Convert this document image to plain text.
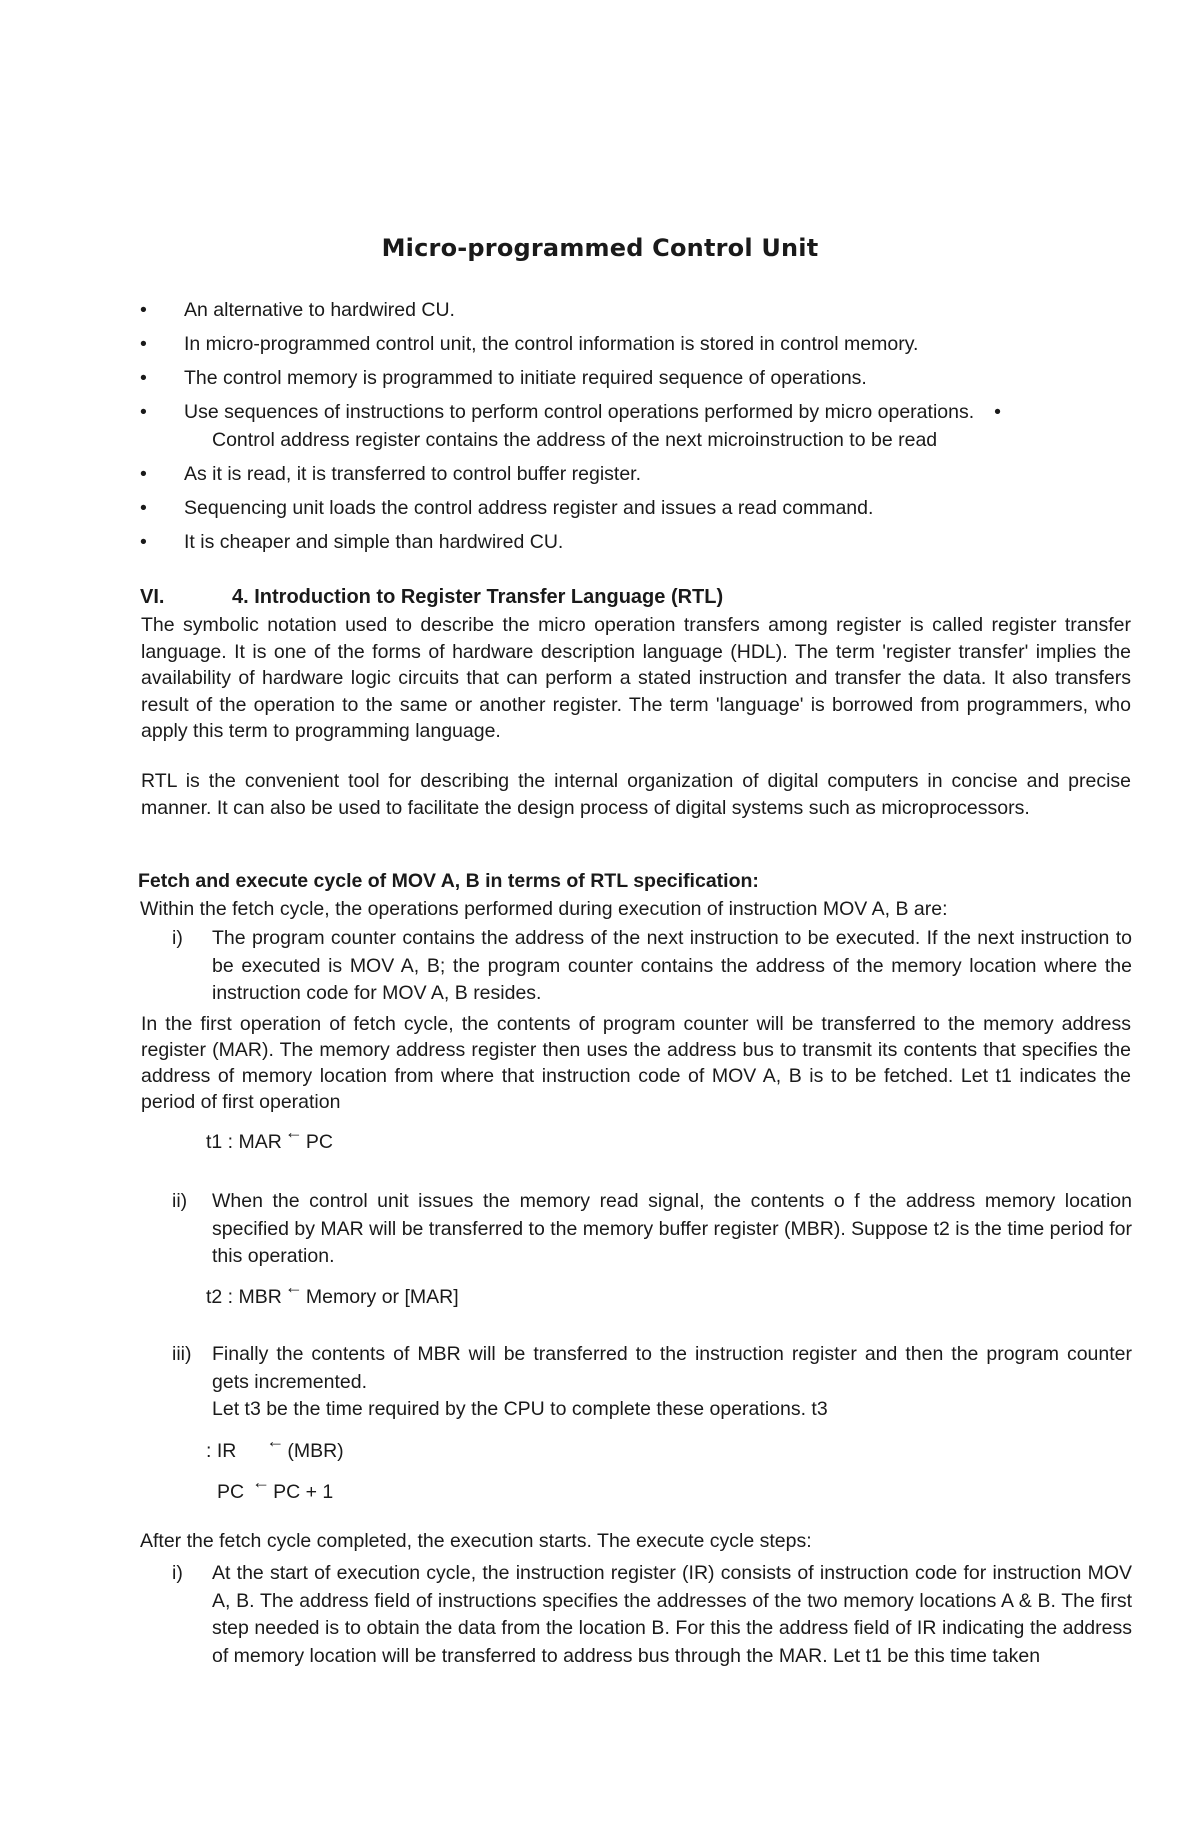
Micro-programmed Control Unit
• An alternative to hardwired CU.
• In micro-programmed control unit, the control information is stored in control memory.
• The control memory is programmed to initiate required sequence of operations.
• Use sequences of instructions to perform control operations performed by micro operations. •
Control address register contains the address of the next microinstruction to be read
• As it is read, it is transferred to control buffer register.
• Sequencing unit loads the control address register and issues a read command.
• It is cheaper and simple than hardwired CU.
VI.	4. Introduction to Register Transfer Language (RTL)

The symbolic notation used to describe the micro operation transfers among register is called register transfer language. It is one of the forms of hardware description language (HDL). The term 'register transfer' implies the availability of hardware logic circuits that can perform a stated instruction and transfer the data. It also transfers result of the operation to the same or another register. The term 'language' is borrowed from programmers, who apply this term to programming language.

RTL is the convenient tool for describing the internal organization of digital computers in concise and precise manner. It can also be used to facilitate the design process of digital systems such as microprocessors.

Fetch and execute cycle of MOV A, B in terms of RTL specification:
Within the fetch cycle, the operations performed during execution of instruction MOV A, B are:
i) The program counter contains the address of the next instruction to be executed. If the next instruction to be executed is MOV A, B; the program counter contains the address of the memory location where the instruction code for MOV A, B resides.

In the first operation of fetch cycle, the contents of program counter will be transferred to the memory address register (MAR). The memory address register then uses the address bus to transmit its contents that specifies the address of memory location from where that instruction code of MOV A, B is to be fetched. Let t1 indicates the period of first operation

t1 : MAR ← PC
ii) When the control unit issues the memory read signal, the contents o f the address memory location specified by MAR will be transferred to the memory buffer register (MBR). Suppose t2 is the time period for this operation.
t2 : MBR ← Memory or [MAR]
iii) Finally the contents of MBR will be transferred to the instruction register and then the program counter gets incremented.
Let t3 be the time required by the CPU to complete these operations. t3
: IR ← (MBR)
PC ← PC + 1
After the fetch cycle completed, the execution starts. The execute cycle steps:
i) At the start of execution cycle, the instruction register (IR) consists of instruction code for instruction MOV A, B. The address field of instructions specifies the addresses of the two memory locations A & B. The first step needed is to obtain the data from the location B. For this the address field of IR indicating the address of memory location will be transferred to address bus through the MAR. Let t1 be this time taken
